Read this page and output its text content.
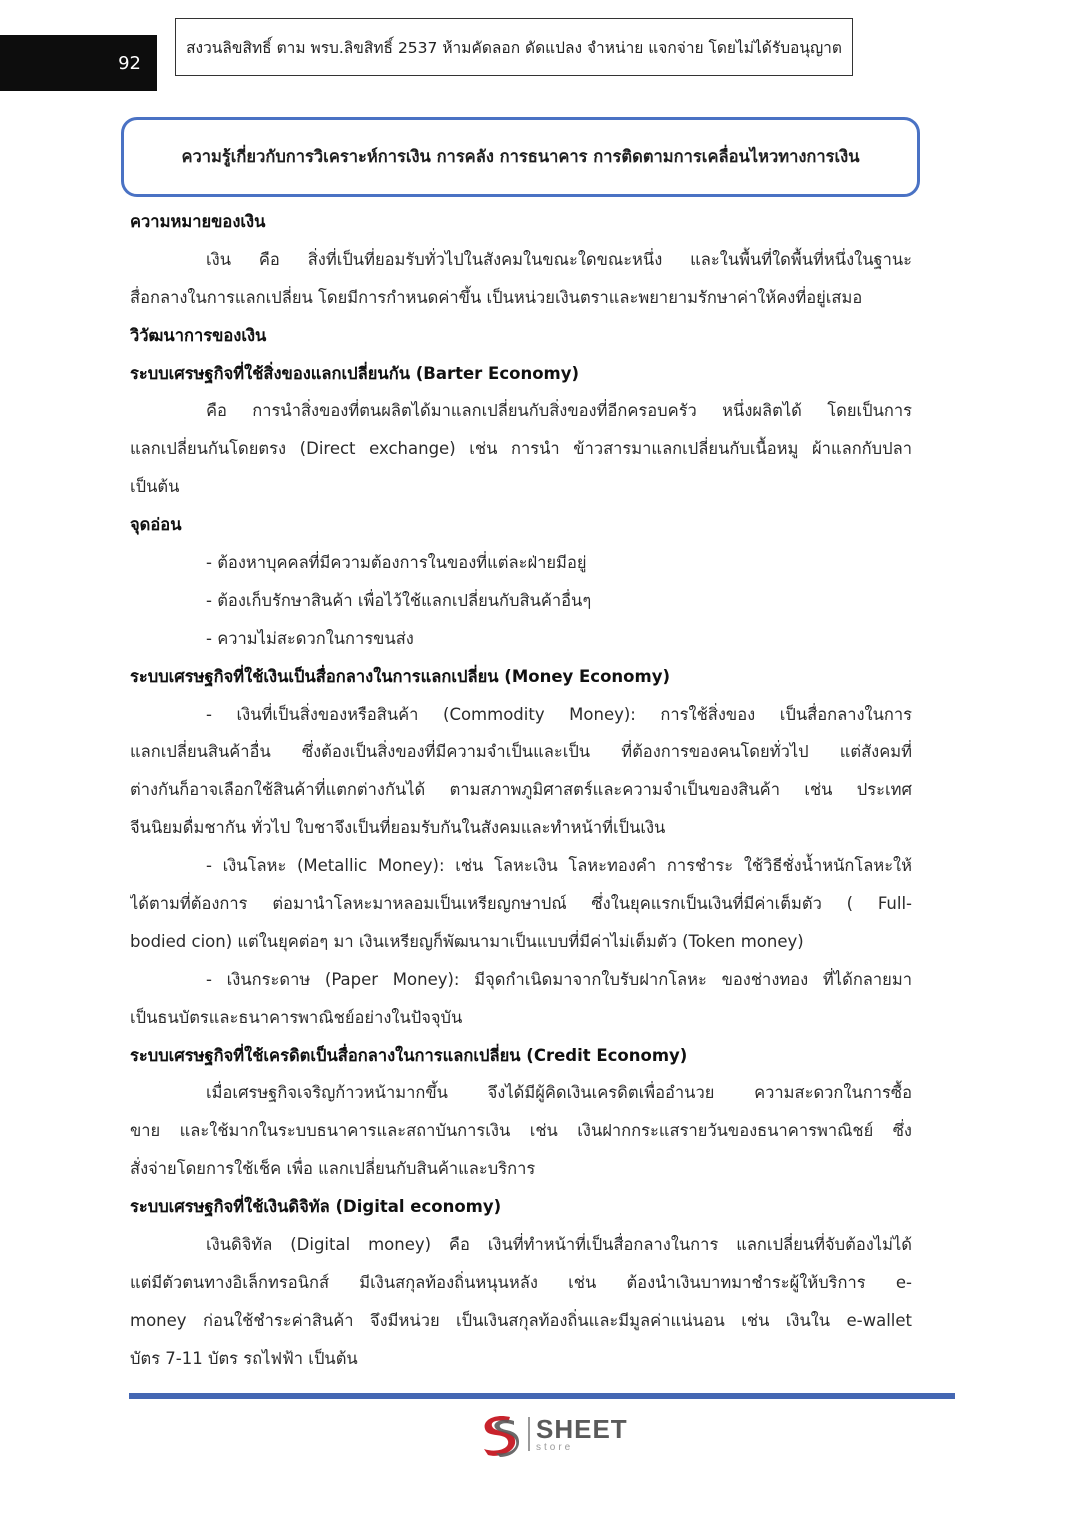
92
สงวนลิขสิทธิ์ ตาม พรบ.ลิขสิทธิ์ 2537 ห้ามคัดลอก ดัดแปลง จำหน่าย แจกจ่าย โดยไม่ได้รับอนุญาต
ความรู้เกี่ยวกับการวิเคราะห์การเงิน การคลัง การธนาคาร การติดตามการเคลื่อนไหวทางการเงิน
ความหมายของเงิน
เงิน คือ สิ่งที่เป็นที่ยอมรับทั่วไปในสังคมในขณะใดขณะหนึ่ง และในพื้นที่ใดพื้นที่หนึ่งในฐานะ
สื่อกลางในการแลกเปลี่ยน โดยมีการกำหนดค่าขึ้น เป็นหน่วยเงินตราและพยายามรักษาค่าให้คงที่อยู่เสมอ
วิวัฒนาการของเงิน
ระบบเศรษฐกิจที่ใช้สิ่งของแลกเปลี่ยนกัน (Barter Economy)
คือ การนำสิ่งของที่ตนผลิตได้มาแลกเปลี่ยนกับสิ่งของที่อีกครอบครัว หนึ่งผลิตได้ โดยเป็นการ
แลกเปลี่ยนกันโดยตรง (Direct exchange) เช่น การนำ ข้าวสารมาแลกเปลี่ยนกับเนื้อหมู ผ้าแลกกับปลา
เป็นต้น
จุดอ่อน
- ต้องหาบุคคลที่มีความต้องการในของที่แต่ละฝ่ายมีอยู่
- ต้องเก็บรักษาสินค้า เพื่อไว้ใช้แลกเปลี่ยนกับสินค้าอื่นๆ
- ความไม่สะดวกในการขนส่ง
ระบบเศรษฐกิจที่ใช้เงินเป็นสื่อกลางในการแลกเปลี่ยน (Money Economy)
- เงินที่เป็นสิ่งของหรือสินค้า (Commodity Money): การใช้สิ่งของ เป็นสื่อกลางในการ
แลกเปลี่ยนสินค้าอื่น ซึ่งต้องเป็นสิ่งของที่มีความจำเป็นและเป็น ที่ต้องการของคนโดยทั่วไป แต่สังคมที่
ต่างกันก็อาจเลือกใช้สินค้าที่แตกต่างกันได้ ตามสภาพภูมิศาสตร์และความจำเป็นของสินค้า เช่น ประเทศ
จีนนิยมดื่มชากัน ทั่วไป ใบชาจึงเป็นที่ยอมรับกันในสังคมและทำหน้าที่เป็นเงิน
- เงินโลหะ (Metallic Money): เช่น โลหะเงิน โลหะทองคำ การชำระ ใช้วิธีชั่งน้ำหนักโลหะให้
ได้ตามที่ต้องการ ต่อมานำโลหะมาหลอมเป็นเหรียญกษาปณ์ ซึ่งในยุคแรกเป็นเงินที่มีค่าเต็มตัว ( Full-
bodied cion) แต่ในยุคต่อๆ มา เงินเหรียญก็พัฒนามาเป็นแบบที่มีค่าไม่เต็มตัว (Token money)
- เงินกระดาษ (Paper Money): มีจุดกำเนิดมาจากใบรับฝากโลหะ ของช่างทอง ที่ได้กลายมา
เป็นธนบัตรและธนาคารพาณิชย์อย่างในปัจจุบัน
ระบบเศรษฐกิจที่ใช้เครดิตเป็นสื่อกลางในการแลกเปลี่ยน (Credit Economy)
เมื่อเศรษฐกิจเจริญก้าวหน้ามากขึ้น จึงได้มีผู้คิดเงินเครดิตเพื่ออำนวย ความสะดวกในการซื้อ
ขาย และใช้มากในระบบธนาคารและสถาบันการเงิน เช่น เงินฝากกระแสรายวันของธนาคารพาณิชย์ ซึ่ง
สั่งจ่ายโดยการใช้เช็ค เพื่อ แลกเปลี่ยนกับสินค้าและบริการ
ระบบเศรษฐกิจที่ใช้เงินดิจิทัล (Digital economy)
เงินดิจิทัล (Digital money) คือ เงินที่ทำหน้าที่เป็นสื่อกลางในการ แลกเปลี่ยนที่จับต้องไม่ได้
แต่มีตัวตนทางอิเล็กทรอนิกส์ มีเงินสกุลท้องถิ่นหนุนหลัง เช่น ต้องนำเงินบาทมาชำระผู้ให้บริการ e-
money ก่อนใช้ชำระค่าสินค้า จึงมีหน่วย เป็นเงินสกุลท้องถิ่นและมีมูลค่าแน่นอน เช่น เงินใน e-wallet
บัตร 7-11 บัตร รถไฟฟ้า เป็นต้น
SHEET
store
